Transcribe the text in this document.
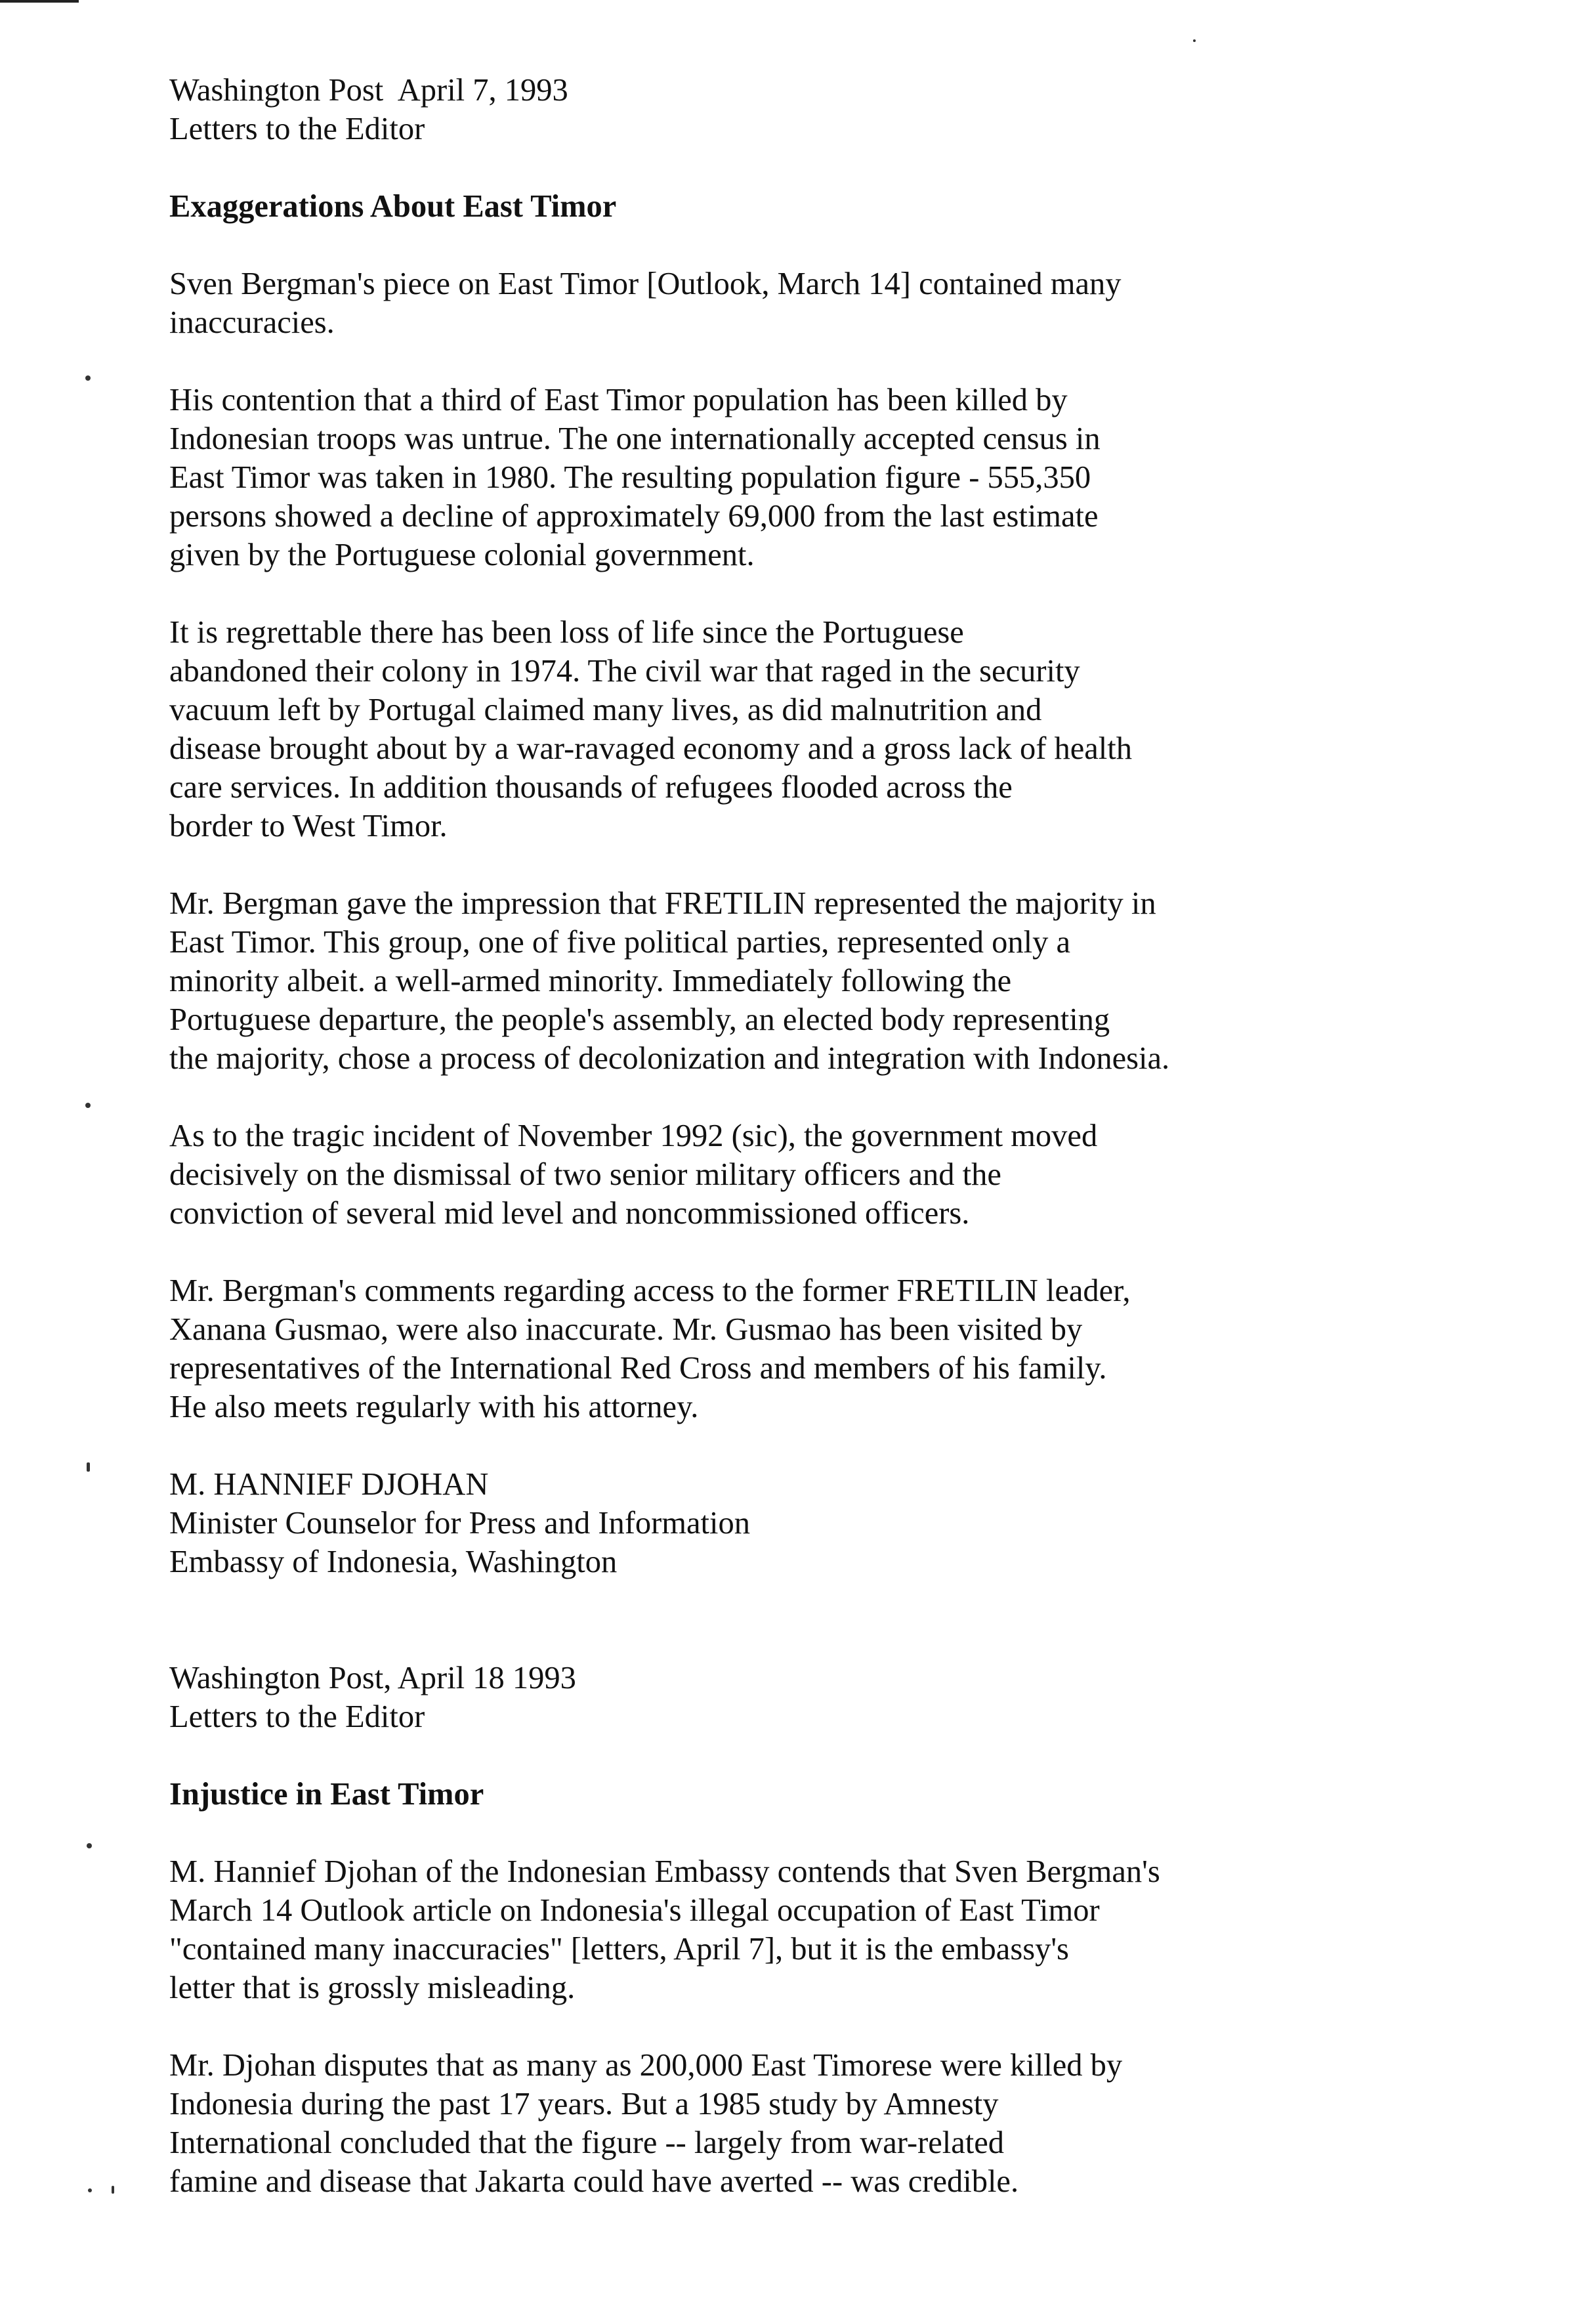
Washington Post  April 7, 1993

Letters to the Editor

Exaggerations About East Timor

Sven Bergman's piece on East Timor [Outlook, March 14] contained many

inaccuracies.

His contention that a third of East Timor population has been killed by

Indonesian troops was untrue. The one internationally accepted census in

East Timor was taken in 1980. The resulting population figure - 555,350

persons showed a decline of approximately 69,000 from the last estimate

given by the Portuguese colonial government.

It is regrettable there has been loss of life since the Portuguese

abandoned their colony in 1974. The civil war that raged in the security

vacuum left by Portugal claimed many lives, as did malnutrition and

disease brought about by a war-ravaged economy and a gross lack of health

care services. In addition thousands of refugees flooded across the

border to West Timor.

Mr. Bergman gave the impression that FRETILIN represented the majority in

East Timor. This group, one of five political parties, represented only a

minority albeit. a well-armed minority. Immediately following the

Portuguese departure, the people's assembly, an elected body representing

the majority, chose a process of decolonization and integration with Indonesia.

As to the tragic incident of November 1992 (sic), the government moved

decisively on the dismissal of two senior military officers and the

conviction of several mid level and noncommissioned officers.

Mr. Bergman's comments regarding access to the former FRETILIN leader,

Xanana Gusmao, were also inaccurate. Mr. Gusmao has been visited by

representatives of the International Red Cross and members of his family.

He also meets regularly with his attorney.

M. HANNIEF DJOHAN

Minister Counselor for Press and Information

Embassy of Indonesia, Washington

Washington Post, April 18 1993

Letters to the Editor

Injustice in East Timor

M. Hannief Djohan of the Indonesian Embassy contends that Sven Bergman's

March 14 Outlook article on Indonesia's illegal occupation of East Timor

"contained many inaccuracies" [letters, April 7], but it is the embassy's

letter that is grossly misleading.

Mr. Djohan disputes that as many as 200,000 East Timorese were killed by

Indonesia during the past 17 years. But a 1985 study by Amnesty

International concluded that the figure -- largely from war-related

famine and disease that Jakarta could have averted -- was credible.
